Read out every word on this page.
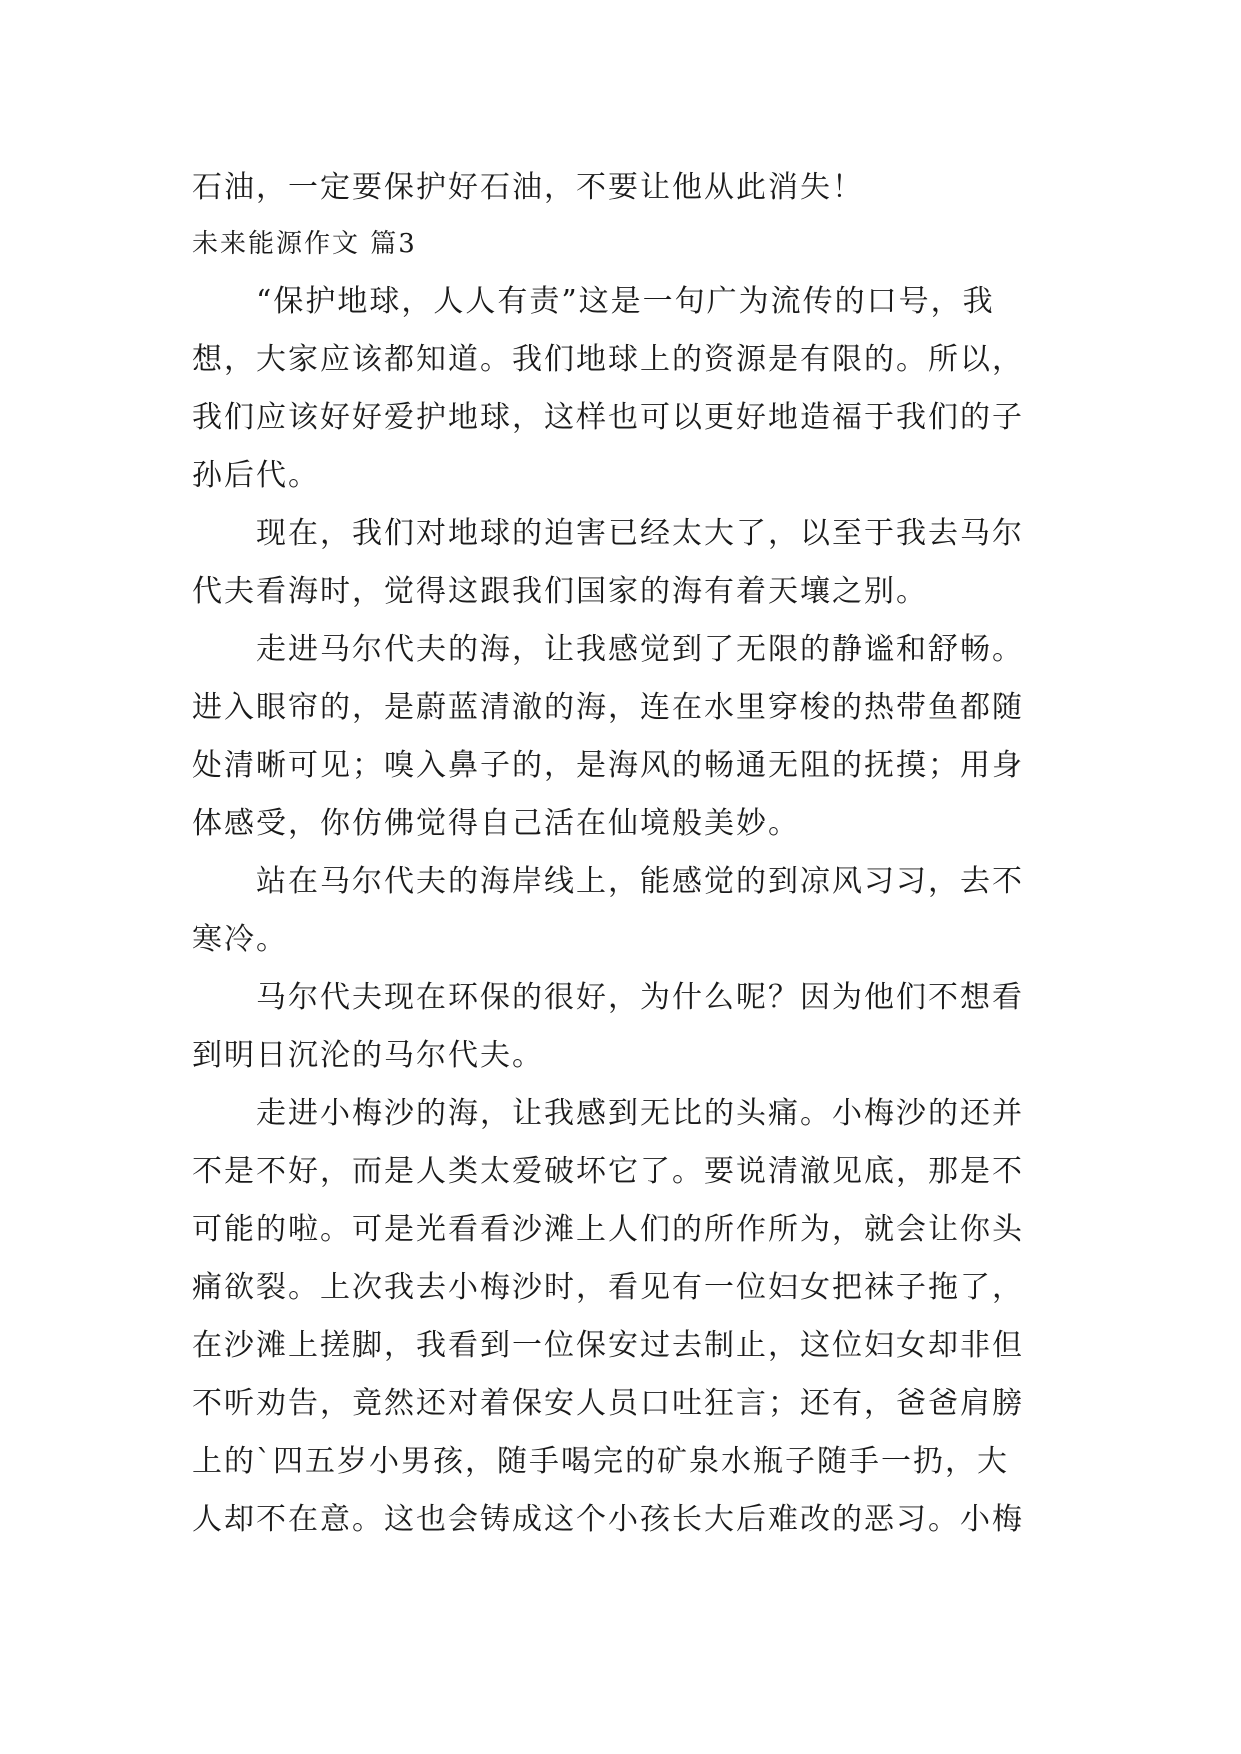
石油，一定要保护好石油，不要让他从此消失！
未来能源作文 篇3
“保护地球，人人有责”这是一句广为流传的口号，我
想，大家应该都知道。我们地球上的资源是有限的。所以，
我们应该好好爱护地球，这样也可以更好地造福于我们的子
孙后代。
现在，我们对地球的迫害已经太大了，以至于我去马尔
代夫看海时，觉得这跟我们国家的海有着天壤之别。
走进马尔代夫的海，让我感觉到了无限的静谧和舒畅。
进入眼帘的，是蔚蓝清澈的海，连在水里穿梭的热带鱼都随
处清晰可见；嗅入鼻子的，是海风的畅通无阻的抚摸；用身
体感受，你仿佛觉得自己活在仙境般美妙。
站在马尔代夫的海岸线上，能感觉的到凉风习习，去不
寒冷。
马尔代夫现在环保的很好，为什么呢？因为他们不想看
到明日沉沦的马尔代夫。
走进小梅沙的海，让我感到无比的头痛。小梅沙的还并
不是不好，而是人类太爱破坏它了。要说清澈见底，那是不
可能的啦。可是光看看沙滩上人们的所作所为，就会让你头
痛欲裂。上次我去小梅沙时，看见有一位妇女把袜子拖了，
在沙滩上搓脚，我看到一位保安过去制止，这位妇女却非但
不听劝告，竟然还对着保安人员口吐狂言；还有，爸爸肩膀
上的`四五岁小男孩，随手喝完的矿泉水瓶子随手一扔，大
人却不在意。这也会铸成这个小孩长大后难改的恶习。小梅
